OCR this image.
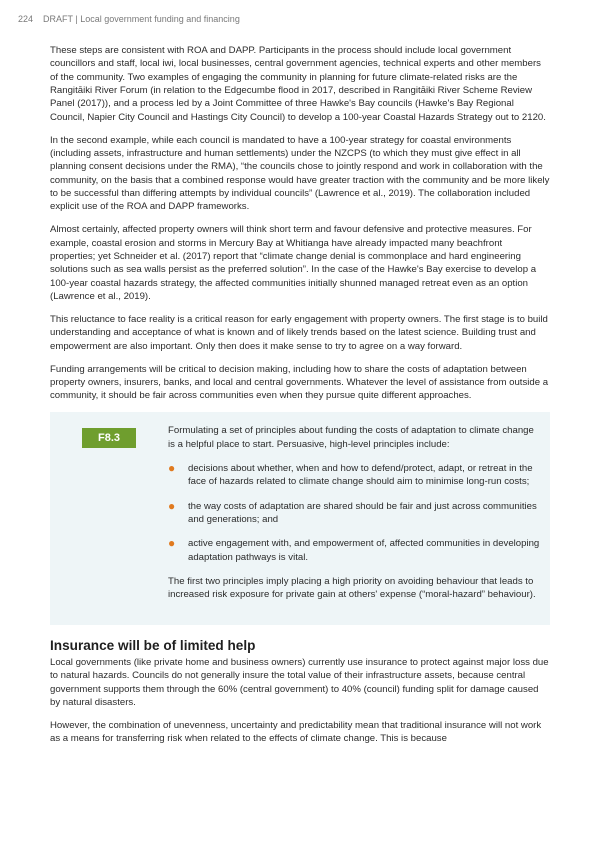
224 DRAFT | Local government funding and financing

These steps are consistent with ROA and DAPP. Participants in the process should include local government councillors and staff, local iwi, local businesses, central government agencies, technical experts and other members of the community. Two examples of engaging the community in planning for future climate-related risks are the Rangitāiki River Forum (in relation to the Edgecumbe flood in 2017, described in Rangitāiki River Scheme Review Panel (2017)), and a process led by a Joint Committee of three Hawke's Bay councils (Hawke's Bay Regional Council, Napier City Council and Hastings City Council) to develop a 100-year Coastal Hazards Strategy out to 2120.

In the second example, while each council is mandated to have a 100-year strategy for coastal environments (including assets, infrastructure and human settlements) under the NZCPS (to which they must give effect in all planning consent decisions under the RMA), “the councils chose to jointly respond and work in collaboration with the community, on the basis that a combined response would have greater traction with the community and be more likely to be successful than differing attempts by individual councils” (Lawrence et al., 2019). The collaboration included explicit use of the ROA and DAPP frameworks.

Almost certainly, affected property owners will think short term and favour defensive and protective measures. For example, coastal erosion and storms in Mercury Bay at Whitianga have already impacted many beachfront properties; yet Schneider et al. (2017) report that “climate change denial is commonplace and hard engineering solutions such as sea walls persist as the preferred solution”. In the case of the Hawke's Bay exercise to develop a 100-year coastal hazards strategy, the affected communities initially shunned managed retreat even as an option (Lawrence et al., 2019).

This reluctance to face reality is a critical reason for early engagement with property owners. The first stage is to build understanding and acceptance of what is known and of likely trends based on the latest science. Building trust and empowerment are also important. Only then does it make sense to try to agree on a way forward.

Funding arrangements will be critical to decision making, including how to share the costs of adaptation between property owners, insurers, banks, and local and central governments. Whatever the level of assistance from outside a community, it should be fair across communities even when they pursue quite different approaches.

F8.3

Formulating a set of principles about funding the costs of adaptation to climate change is a helpful place to start. Persuasive, high-level principles include:

● decisions about whether, when and how to defend/protect, adapt, or retreat in the face of hazards related to climate change should aim to minimise long-run costs;
● the way costs of adaptation are shared should be fair and just across communities and generations; and
● active engagement with, and empowerment of, affected communities in developing adaptation pathways is vital.

The first two principles imply placing a high priority on avoiding behaviour that leads to increased risk exposure for private gain at others' expense (“moral-hazard” behaviour).

Insurance will be of limited help

Local governments (like private home and business owners) currently use insurance to protect against major loss due to natural hazards. Councils do not generally insure the total value of their infrastructure assets, because central government supports them through the 60% (central government) to 40% (council) funding split for damage caused by natural disasters.

However, the combination of unevenness, uncertainty and predictability mean that traditional insurance will not work as a means for transferring risk when related to the effects of climate change. This is because
